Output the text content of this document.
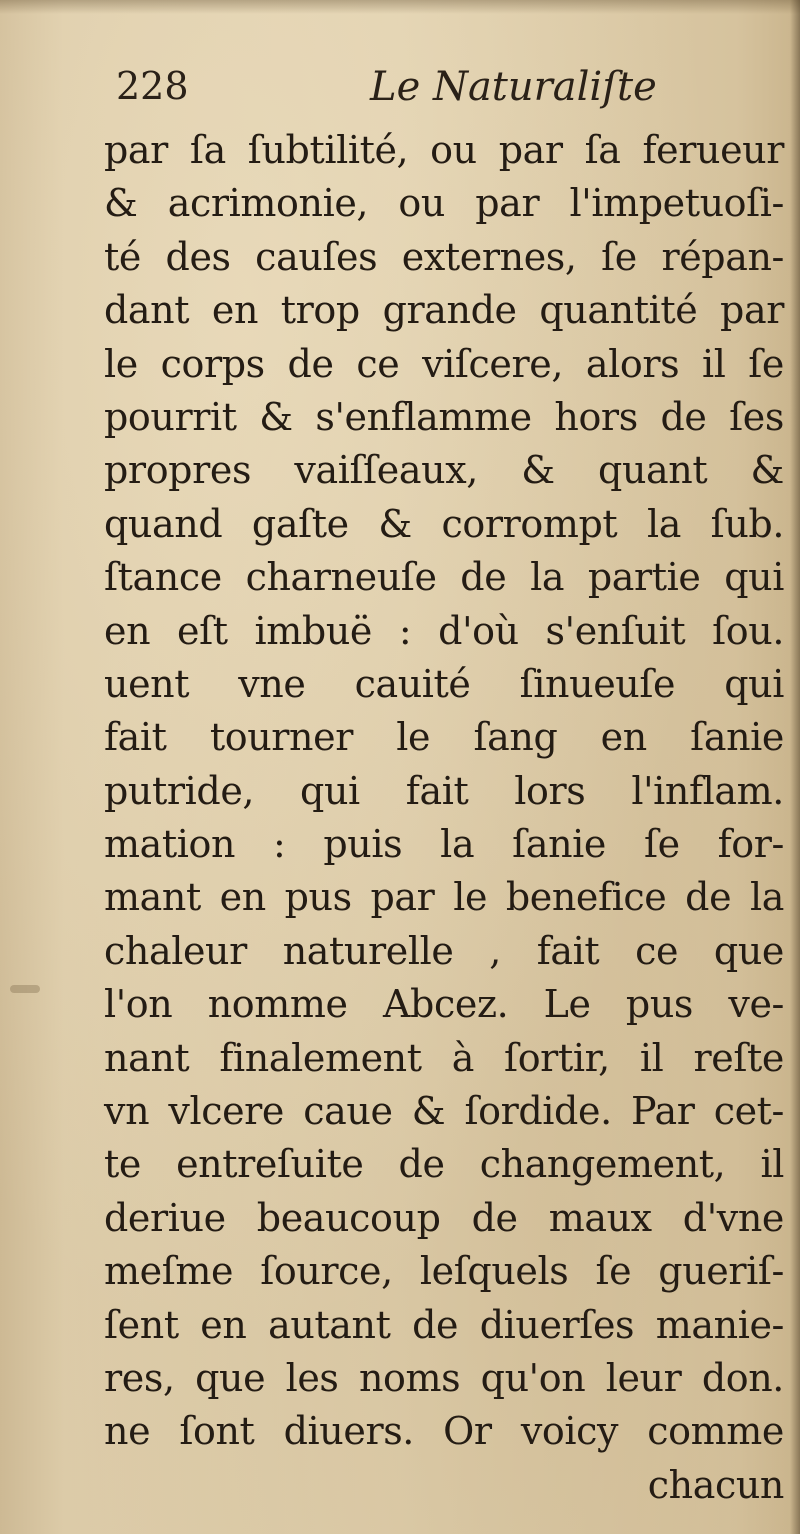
228	Le Naturaliſte
par ſa ſubtilité, ou par ſa ferueur
& acrimonie, ou par l'impetuoſi-
té des cauſes externes, ſe répan-
dant en trop grande quantité par
le corps de ce viſcere, alors il ſe
pourrit & s'enflamme hors de ſes
propres vaiſſeaux, & quant &
quand gaſte & corrompt la ſub.
ſtance charneuſe de la partie qui
en eſt imbuë : d'où s'enſuit ſou.
uent vne cauité ſinueuſe qui
fait tourner le ſang en ſanie
putride, qui fait lors l'inflam.
mation : puis la ſanie ſe for-
mant en pus par le benefice de la
chaleur naturelle , fait ce que
l'on nomme Abcez. Le pus ve-
nant finalement à ſortir, il reſte
vn vlcere caue & ſordide. Par cet-
te entreſuite de changement, il
deriue beaucoup de maux d'vne
meſme ſource, leſquels ſe gueriſ-
ſent en autant de diuerſes manie-
res, que les noms qu'on leur don.
ne ſont diuers. Or voicy comme
chacun
